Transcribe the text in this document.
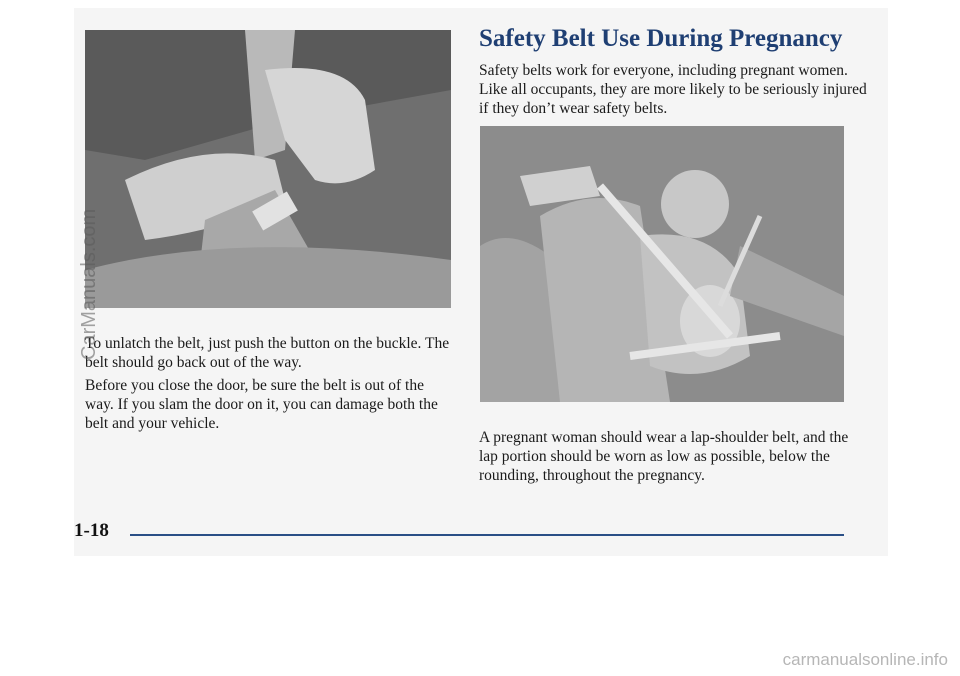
To unlatch the belt, just push the button on the buckle. The belt should go back out of the way.

Before you close the door, be sure the belt is out of the way. If you slam the door on it, you can damage both the belt and your vehicle.

Safety Belt Use During Pregnancy

Safety belts work for everyone, including pregnant women. Like all occupants, they are more likely to be seriously injured if they don’t wear safety belts.

A pregnant woman should wear a lap-shoulder belt, and the lap portion should be worn as low as possible, below the rounding, throughout the pregnancy.

1-18
CarManuals.com
carmanualsonline.info
